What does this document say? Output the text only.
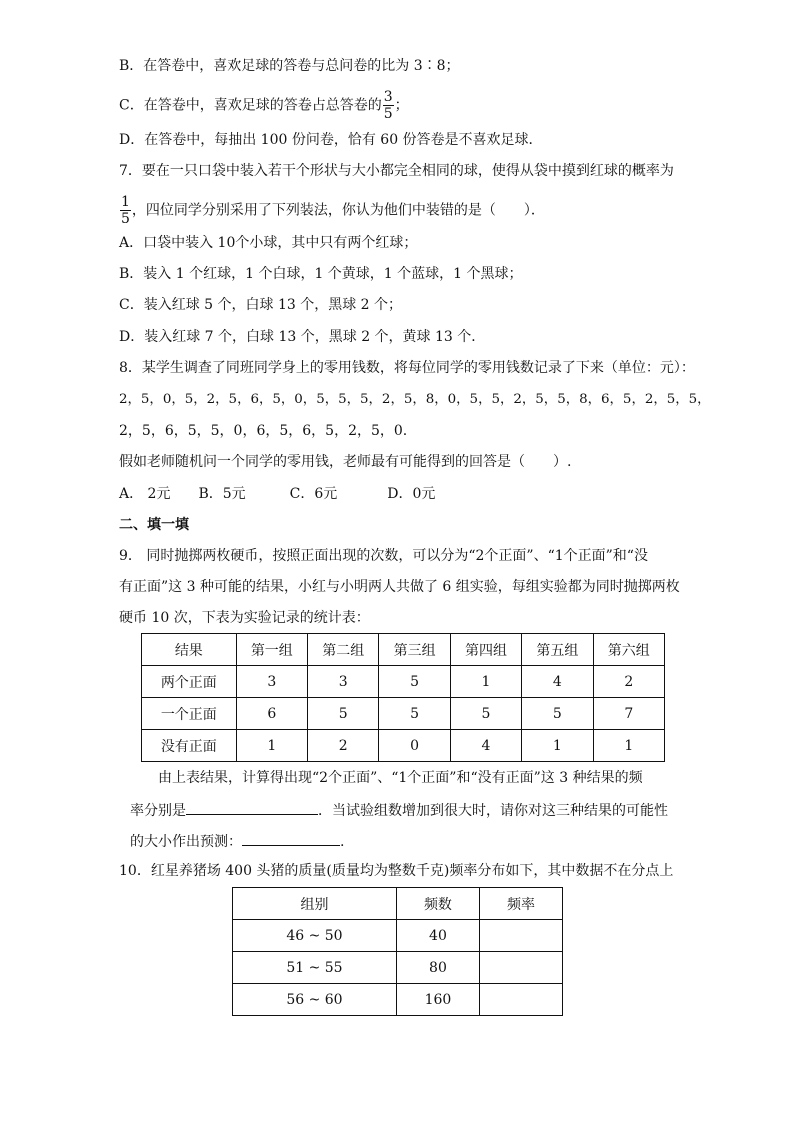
B．在答卷中，喜欢足球的答卷与总问卷的比为 3∶8；
C．在答卷中，喜欢足球的答卷占总答卷的 $\frac{3}{5}$ ；
D．在答卷中，每抽出 100 份问卷，恰有 60 份答卷是不喜欢足球．
7．要在一只口袋中装入若干个形状与大小都完全相同的球，使得从袋中摸到红球的概率为
$\frac{1}{5}$ ，四位同学分别采用了下列装法，你认为他们中装错的是（　　）．
A．口袋中装入 10个小球，其中只有两个红球；
B．装入 1 个红球，1 个白球，1 个黄球，1 个蓝球，1 个黑球；
C．装入红球 5 个，白球 13 个，黑球 2 个；
D．装入红球 7 个，白球 13 个，黑球 2 个，黄球 13 个．
8．某学生调查了同班同学身上的零用钱数，将每位同学的零用钱数记录了下来（单位：元）：
2，5，0，5，2，5，6，5，0，5，5，5，2，5，8，0，5，5，2，5，5，8，6，5，2，5，5，
2，5，6，5，5，0，6，5，6，5，2，5，0.
假如老师随机问一个同学的零用钱，老师最有可能得到的回答是（　　）.
A． 2元 B．5元	C．6元	D．0元
二、填一填
9． 同时抛掷两枚硬币，按照正面出现的次数，可以分为“2个正面”、“1个正面”和“没
有正面”这 3 种可能的结果，小红与小明两人共做了 6 组实验，每组实验都为同时抛掷两枚
硬币 10 次，下表为实验记录的统计表：
结果	第一组	第二组	第三组	第四组	第五组	第六组
两个正面	3	3	5	1	4	2
一个正面	6	5	5	5	5	7
没有正面	1	2	0	4	1	1
由上表结果，计算得出现“2个正面”、“1个正面”和“没有正面”这 3 种结果的频
率分别是	．当试验组数增加到很大时，请你对这三种结果的可能性
的大小作出预测：	.
10．红星养猪场 400 头猪的质量(质量均为整数千克)频率分布如下，其中数据不在分点上
组别	频数	频率
46 ~ 50	40	
51 ~ 55	80	
56 ~ 60	160	
